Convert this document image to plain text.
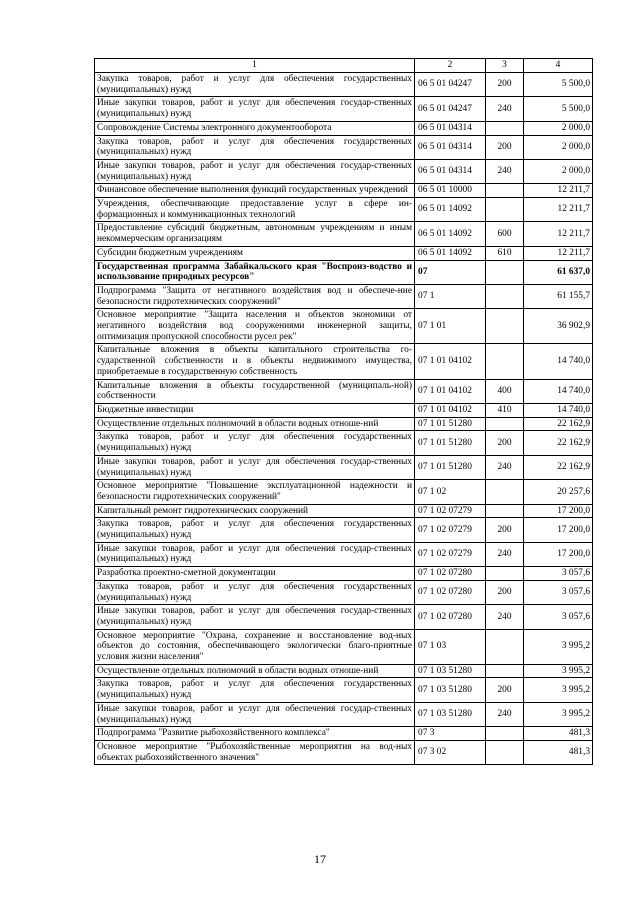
1	2	3	4
Закупка товаров, работ и услуг для обеспечения государственных (муниципальных) нужд	06 5 01 04247	200	5 500,0
Иные закупки товаров, работ и услуг для обеспечения государ-ственных (муниципальных) нужд	06 5 01 04247	240	5 500,0
Сопровождение Системы электронного документооборота	06 5 01 04314		2 000,0
Закупка товаров, работ и услуг для обеспечения государственных (муниципальных) нужд	06 5 01 04314	200	2 000,0
Иные закупки товаров, работ и услуг для обеспечения государ-ственных (муниципальных) нужд	06 5 01 04314	240	2 000,0
Финансовое обеспечение выполнения функций государственных учреждений	06 5 01 10000		12 211,7
Учреждения, обеспечивающие предоставление услуг в сфере ин-формационных и коммуникационных технологий	06 5 01 14092		12 211,7
Предоставление субсидий бюджетным, автономным учреждениям и иным некоммерческим организациям	06 5 01 14092	600	12 211,7
Субсидии бюджетным учреждениям	06 5 01 14092	610	12 211,7
Государственная программа Забайкальского края "Воспроиз-водство и использование природных ресурсов"	07		61 637,0
Подпрограмма "Защита от негативного воздействия вод и обеспече-ние безопасности гидротехнических сооружений"	07 1		61 155,7
Основное мероприятие "Защита населения и объектов экономики от негативного воздействия вод сооружениями инженерной защиты, оптимизация пропускной способности русел рек"	07 1 01		36 902,9
Капитальные вложения в объекты капитального строительства го-сударственной собственности и в объекты недвижимого имущества, приобретаемые в государственную собственность	07 1 01 04102		14 740,0
Капитальные вложения в объекты государственной (муниципаль-ной) собственности	07 1 01 04102	400	14 740,0
Бюджетные инвестиции	07 1 01 04102	410	14 740,0
Осуществление отдельных полномочий в области водных отноше-ний	07 1 01 51280		22 162,9
Закупка товаров, работ и услуг для обеспечения государственных (муниципальных) нужд	07 1 01 51280	200	22 162,9
Иные закупки товаров, работ и услуг для обеспечения государ-ственных (муниципальных) нужд	07 1 01 51280	240	22 162,9
Основное мероприятие "Повышение эксплуатационной надежности и безопасности гидротехнических сооружений"	07 1 02		20 257,6
Капитальный ремонт гидротехнических сооружений	07 1 02 07279		17 200,0
Закупка товаров, работ и услуг для обеспечения государственных (муниципальных) нужд	07 1 02 07279	200	17 200,0
Иные закупки товаров, работ и услуг для обеспечения государ-ственных (муниципальных) нужд	07 1 02 07279	240	17 200,0
Разработка проектно-сметной документации	07 1 02 07280		3 057,6
Закупка товаров, работ и услуг для обеспечения государственных (муниципальных) нужд	07 1 02 07280	200	3 057,6
Иные закупки товаров, работ и услуг для обеспечения государ-ственных (муниципальных) нужд	07 1 02 07280	240	3 057,6
Основное мероприятие "Охрана, сохранение и восстановление вод-ных объектов до состояния, обеспечивающего экологически благо-приятные условия жизни населения"	07 1 03		3 995,2
Осуществление отдельных полномочий в области водных отноше-ний	07 1 03 51280		3 995,2
Закупка товаров, работ и услуг для обеспечения государственных (муниципальных) нужд	07 1 03 51280	200	3 995,2
Иные закупки товаров, работ и услуг для обеспечения государ-ственных (муниципальных) нужд	07 1 03 51280	240	3 995,2
Подпрограмма "Развитие рыбохозяйственного комплекса"	07 3		481,3
Основное мероприятие "Рыбохозяйственные мероприятия на вод-ных объектах рыбохозяйственного значения"	07 3 02		481,3
17
